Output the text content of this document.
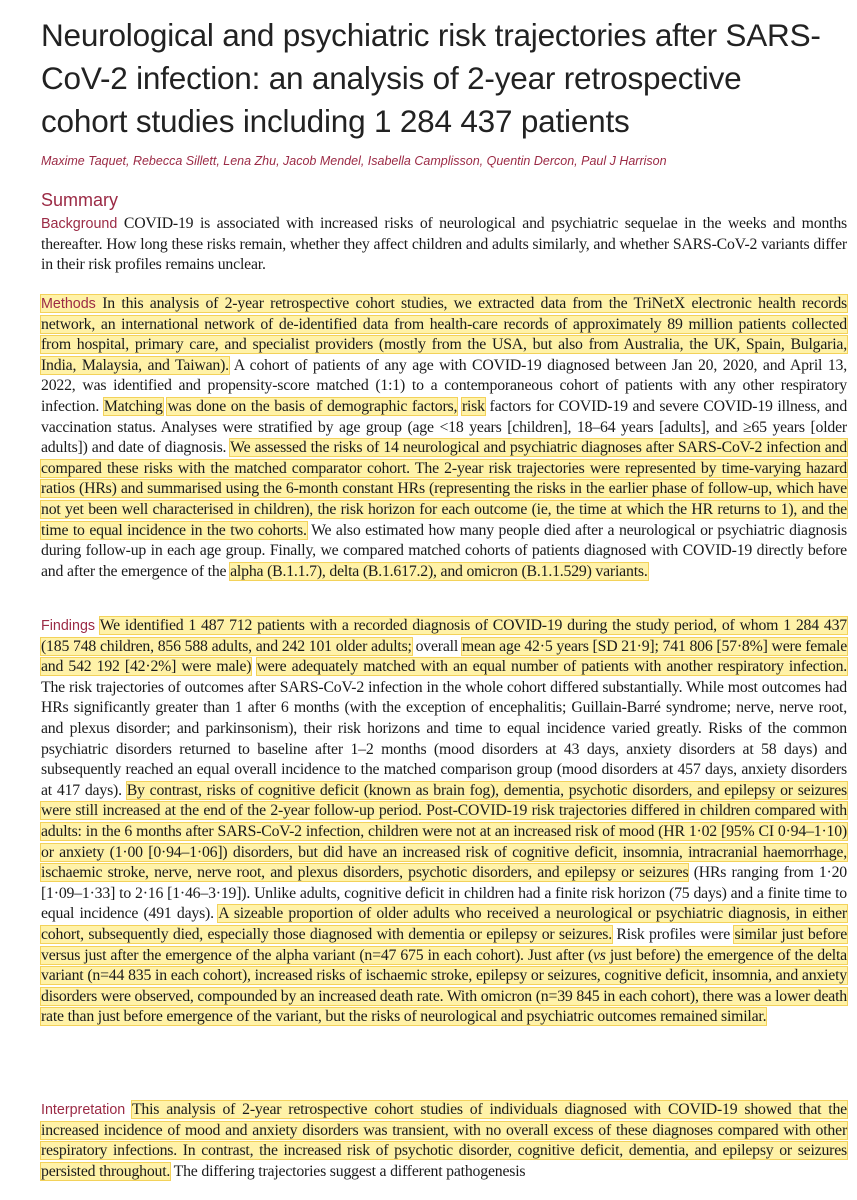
Neurological and psychiatric risk trajectories after SARS-CoV-2 infection: an analysis of 2-year retrospective cohort studies including 1 284 437 patients

Maxime Taquet, Rebecca Sillett, Lena Zhu, Jacob Mendel, Isabella Camplisson, Quentin Dercon, Paul J Harrison

Summary

Background COVID-19 is associated with increased risks of neurological and psychiatric sequelae in the weeks and months thereafter. How long these risks remain, whether they affect children and adults similarly, and whether SARS-CoV-2 variants differ in their risk profiles remains unclear.

Methods In this analysis of 2-year retrospective cohort studies, we extracted data from the TriNetX electronic health records network, an international network of de-identified data from health-care records of approximately 89 million patients collected from hospital, primary care, and specialist providers (mostly from the USA, but also from Australia, the UK, Spain, Bulgaria, India, Malaysia, and Taiwan). A cohort of patients of any age with COVID-19 diagnosed between Jan 20, 2020, and April 13, 2022, was identified and propensity-score matched (1:1) to a contemporaneous cohort of patients with any other respiratory infection. Matching was done on the basis of demographic factors, risk factors for COVID-19 and severe COVID-19 illness, and vaccination status. Analyses were stratified by age group (age <18 years [children], 18–64 years [adults], and ≥65 years [older adults]) and date of diagnosis. We assessed the risks of 14 neurological and psychiatric diagnoses after SARS-CoV-2 infection and compared these risks with the matched comparator cohort. The 2-year risk trajectories were represented by time-varying hazard ratios (HRs) and summarised using the 6-month constant HRs (representing the risks in the earlier phase of follow-up, which have not yet been well characterised in children), the risk horizon for each outcome (ie, the time at which the HR returns to 1), and the time to equal incidence in the two cohorts. We also estimated how many people died after a neurological or psychiatric diagnosis during follow-up in each age group. Finally, we compared matched cohorts of patients diagnosed with COVID-19 directly before and after the emergence of the alpha (B.1.1.7), delta (B.1.617.2), and omicron (B.1.1.529) variants.

Findings We identified 1 487 712 patients with a recorded diagnosis of COVID-19 during the study period, of whom 1 284 437 (185 748 children, 856 588 adults, and 242 101 older adults; overall mean age 42·5 years [SD 21·9]; 741 806 [57·8%] were female and 542 192 [42·2%] were male) were adequately matched with an equal number of patients with another respiratory infection. The risk trajectories of outcomes after SARS-CoV-2 infection in the whole cohort differed substantially. While most outcomes had HRs significantly greater than 1 after 6 months (with the exception of encephalitis; Guillain-Barré syndrome; nerve, nerve root, and plexus disorder; and parkinsonism), their risk horizons and time to equal incidence varied greatly. Risks of the common psychiatric disorders returned to baseline after 1–2 months (mood disorders at 43 days, anxiety disorders at 58 days) and subsequently reached an equal overall incidence to the matched comparison group (mood disorders at 457 days, anxiety disorders at 417 days). By contrast, risks of cognitive deficit (known as brain fog), dementia, psychotic disorders, and epilepsy or seizures were still increased at the end of the 2-year follow-up period. Post-COVID-19 risk trajectories differed in children compared with adults: in the 6 months after SARS-CoV-2 infection, children were not at an increased risk of mood (HR 1·02 [95% CI 0·94–1·10) or anxiety (1·00 [0·94–1·06]) disorders, but did have an increased risk of cognitive deficit, insomnia, intracranial haemorrhage, ischaemic stroke, nerve, nerve root, and plexus disorders, psychotic disorders, and epilepsy or seizures (HRs ranging from 1·20 [1·09–1·33] to 2·16 [1·46–3·19]). Unlike adults, cognitive deficit in children had a finite risk horizon (75 days) and a finite time to equal incidence (491 days). A sizeable proportion of older adults who received a neurological or psychiatric diagnosis, in either cohort, subsequently died, especially those diagnosed with dementia or epilepsy or seizures. Risk profiles were similar just before versus just after the emergence of the alpha variant (n=47 675 in each cohort). Just after (vs just before) the emergence of the delta variant (n=44 835 in each cohort), increased risks of ischaemic stroke, epilepsy or seizures, cognitive deficit, insomnia, and anxiety disorders were observed, compounded by an increased death rate. With omicron (n=39 845 in each cohort), there was a lower death rate than just before emergence of the variant, but the risks of neurological and psychiatric outcomes remained similar.

Interpretation This analysis of 2-year retrospective cohort studies of individuals diagnosed with COVID-19 showed that the increased incidence of mood and anxiety disorders was transient, with no overall excess of these diagnoses compared with other respiratory infections. In contrast, the increased risk of psychotic disorder, cognitive deficit, dementia, and epilepsy or seizures persisted throughout. The differing trajectories suggest a different pathogenesis
